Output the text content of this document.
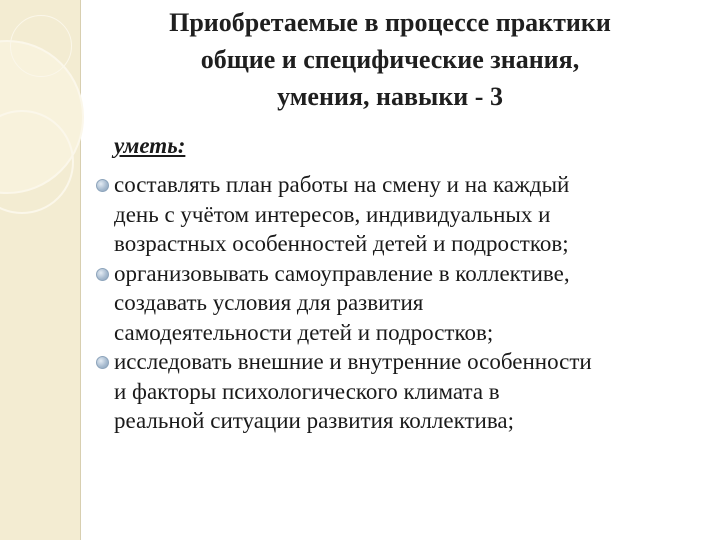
Приобретаемые в процессе практики
общие и специфические знания,
умения, навыки - 3
уметь:
составлять план работы на смену и на каждый
день с учётом интересов, индивидуальных и
возрастных особенностей детей и подростков;
организовывать самоуправление в коллективе,
создавать условия для развития
самодеятельности детей и подростков;
исследовать внешние и внутренние особенности
и факторы психологического климата в
реальной ситуации развития коллектива;
